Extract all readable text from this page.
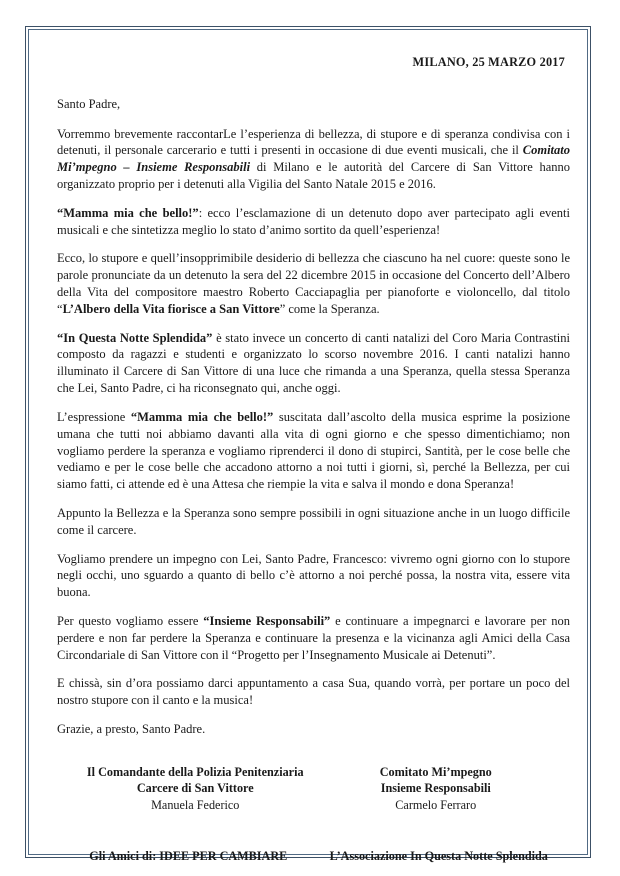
MILANO, 25 MARZO 2017
Santo Padre,

Vorremmo brevemente raccontarLe l’esperienza di bellezza, di stupore e di speranza condivisa con i detenuti, il personale carcerario e tutti i presenti in occasione di due eventi musicali, che il Comitato Mi’mpegno – Insieme Responsabili di Milano e le autorità del Carcere di San Vittore hanno organizzato proprio per i detenuti alla Vigilia del Santo Natale 2015 e 2016.

“Mamma mia che bello!”: ecco l’esclamazione di un detenuto dopo aver partecipato agli eventi musicali e che sintetizza meglio lo stato d’animo sortito da quell’esperienza!

Ecco, lo stupore e quell’insopprimibile desiderio di bellezza che ciascuno ha nel cuore: queste sono le parole pronunciate da un detenuto la sera del 22 dicembre 2015 in occasione del Concerto dell’Albero della Vita del compositore maestro Roberto Cacciapaglia per pianoforte e violoncello, dal titolo “L’Albero della Vita fiorisce a San Vittore” come la Speranza.

“In Questa Notte Splendida” è stato invece un concerto di canti natalizi del Coro Maria Contrastini composto da ragazzi e studenti e organizzato lo scorso novembre 2016. I canti natalizi hanno illuminato il Carcere di San Vittore di una luce che rimanda a una Speranza, quella stessa Speranza che Lei, Santo Padre, ci ha riconsegnato qui, anche oggi.

L’espressione “Mamma mia che bello!” suscitata dall’ascolto della musica esprime la posizione umana che tutti noi abbiamo davanti alla vita di ogni giorno e che spesso dimentichiamo; non vogliamo perdere la speranza e vogliamo riprenderci il dono di stupirci, Santità, per le cose belle che vediamo e per le cose belle che accadono attorno a noi tutti i giorni, sì, perché la Bellezza, per cui siamo fatti, ci attende ed è una Attesa che riempie la vita e salva il mondo e dona Speranza!

Appunto la Bellezza e la Speranza sono sempre possibili in ogni situazione anche in un luogo difficile come il carcere.

Vogliamo prendere un impegno con Lei, Santo Padre, Francesco: vivremo ogni giorno con lo stupore negli occhi, uno sguardo a quanto di bello c’è attorno a noi perché possa, la nostra vita, essere vita buona.

Per questo vogliamo essere “Insieme Responsabili” e continuare a impegnarci e lavorare per non perdere e non far perdere la Speranza e continuare la presenza e la vicinanza agli Amici della Casa Circondariale di San Vittore con il “Progetto per l’Insegnamento Musicale ai Detenuti”.

E chissà, sin d’ora possiamo darci appuntamento a casa Sua, quando vorrà, per portare un poco del nostro stupore con il canto e la musica!

Grazie, a presto, Santo Padre.

Il Comandante della Polizia Penitenziaria
Carcere di San Vittore
Manuela Federico
Comitato Mi’mpegno
Insieme Responsabili
Carmelo Ferraro
Gli Amici di: IDEE PER CAMBIARE	L’Associazione In Questa Notte Splendida
